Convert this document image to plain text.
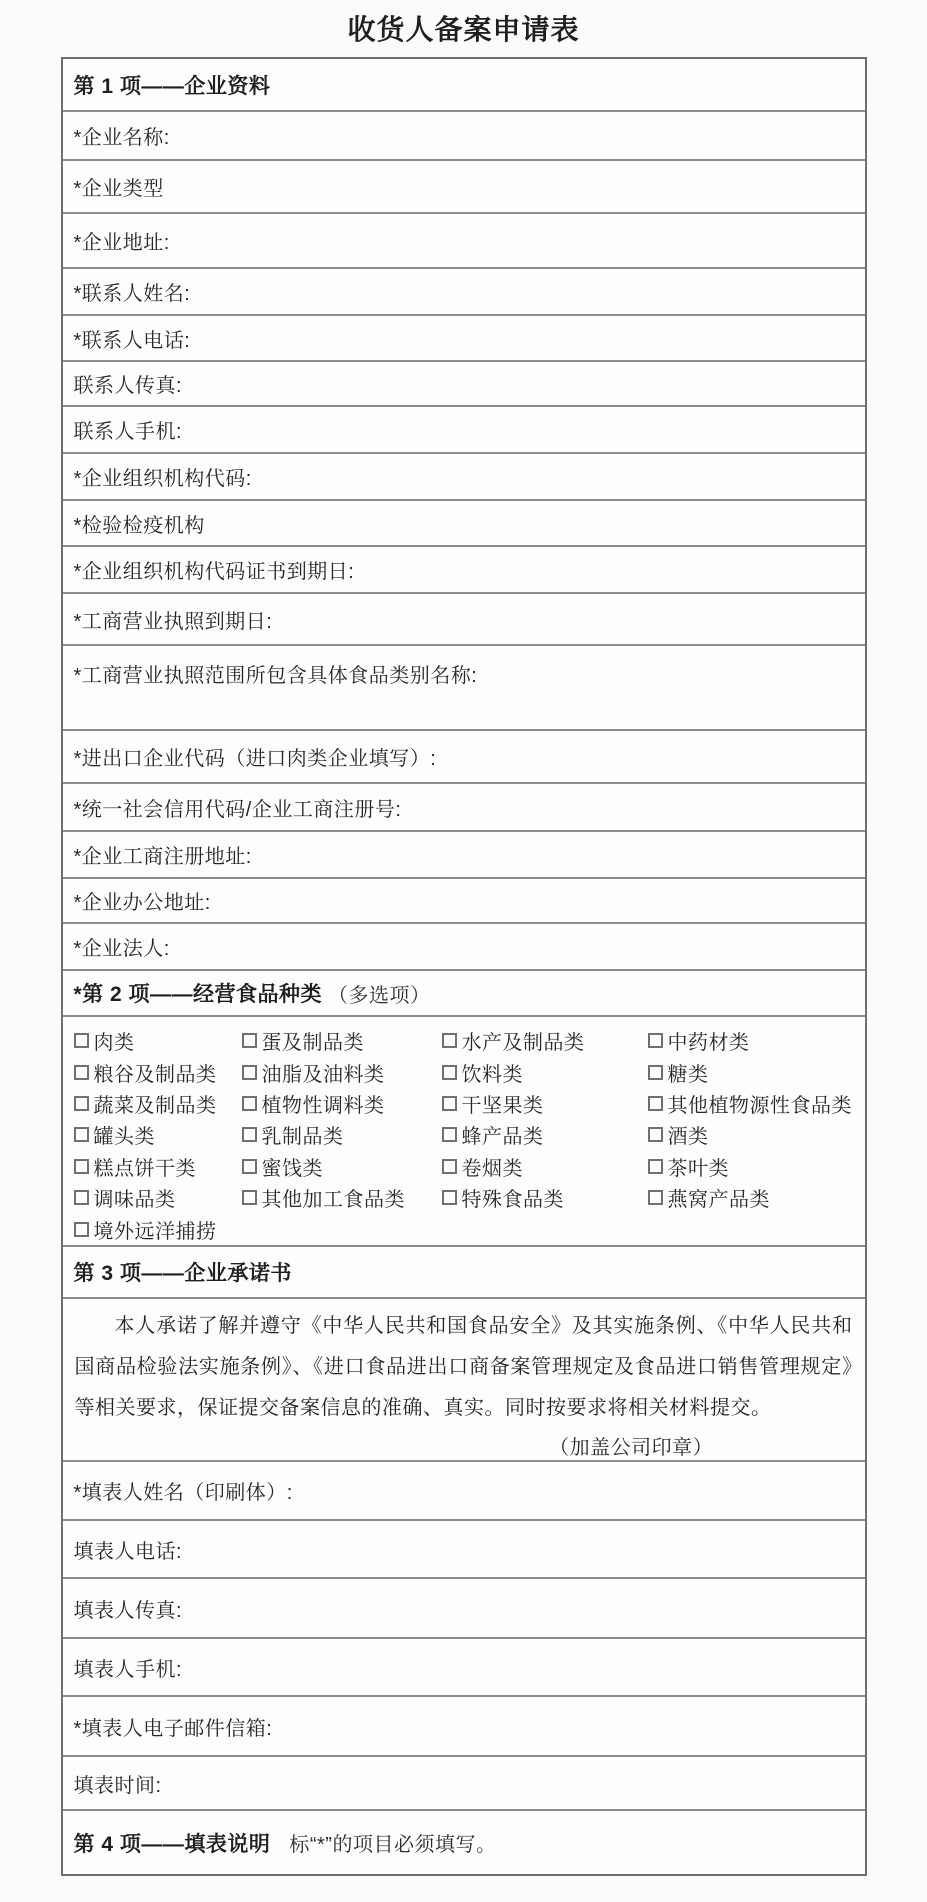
收货人备案申请表
第 1 项——企业资料
*企业名称:
*企业类型
*企业地址:
*联系人姓名:
*联系人电话:
联系人传真:
联系人手机:
*企业组织机构代码:
*检验检疫机构
*企业组织机构代码证书到期日:
*工商营业执照到期日:
*工商营业执照范围所包含具体食品类别名称:
*进出口企业代码（进口肉类企业填写）:
*统一社会信用代码/企业工商注册号:
*企业工商注册地址:
*企业办公地址:
*企业法人:
*第 2 项——经营食品种类 （多选项）
肉类	蛋及制品类	水产及制品类	中药材类
粮谷及制品类 油脂及油料类	饮料类	糖类
蔬菜及制品类 植物性调料类	干坚果类	其他植物源性食品类
罐头类	乳制品类	蜂产品类	酒类
糕点饼干类	蜜饯类	卷烟类	茶叶类
调味品类	其他加工食品类	特殊食品类	燕窝产品类
境外远洋捕捞
第 3 项——企业承诺书

本人承诺了解并遵守《中华人民共和国食品安全》及其实施条例、《中华人民共和国商品检验法实施条例》、《进口食品进出口商备案管理规定及食品进口销售管理规定》等相关要求，保证提交备案信息的准确、真实。同时按要求将相关材料提交。

（加盖公司印章）
*填表人姓名（印刷体）:
填表人电话:
填表人传真:
填表人手机:
*填表人电子邮件信箱:
填表时间:
第 4 项——填表说明 标“*”的项目必须填写。
